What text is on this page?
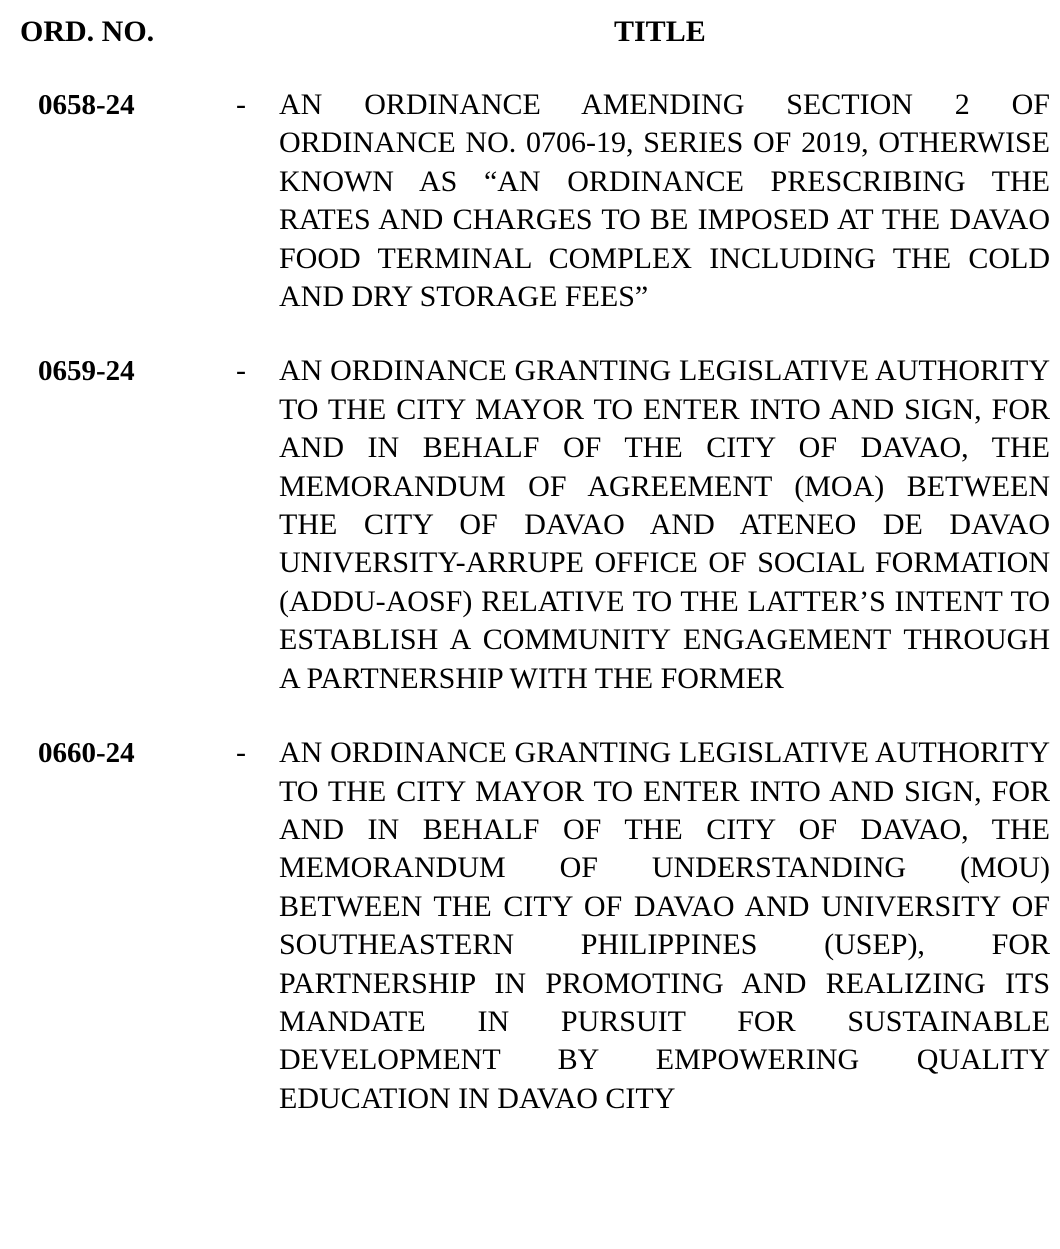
ORD. NO.	TITLE
0658-24	- AN ORDINANCE AMENDING SECTION 2 OF ORDINANCE NO. 0706-19, SERIES OF 2019, OTHERWISE KNOWN AS “AN ORDINANCE PRESCRIBING THE RATES AND CHARGES TO BE IMPOSED AT THE DAVAO FOOD TERMINAL COMPLEX INCLUDING THE COLD AND DRY STORAGE FEES”
0659-24	- AN ORDINANCE GRANTING LEGISLATIVE AUTHORITY TO THE CITY MAYOR TO ENTER INTO AND SIGN, FOR AND IN BEHALF OF THE CITY OF DAVAO, THE MEMORANDUM OF AGREEMENT (MOA) BETWEEN THE CITY OF DAVAO AND ATENEO DE DAVAO UNIVERSITY-ARRUPE OFFICE OF SOCIAL FORMATION (ADDU-AOSF) RELATIVE TO THE LATTER’S INTENT TO ESTABLISH A COMMUNITY ENGAGEMENT THROUGH A PARTNERSHIP WITH THE FORMER
0660-24	- AN ORDINANCE GRANTING LEGISLATIVE AUTHORITY TO THE CITY MAYOR TO ENTER INTO AND SIGN, FOR AND IN BEHALF OF THE CITY OF DAVAO, THE MEMORANDUM OF UNDERSTANDING (MOU) BETWEEN THE CITY OF DAVAO AND UNIVERSITY OF SOUTHEASTERN PHILIPPINES (USEP), FOR PARTNERSHIP IN PROMOTING AND REALIZING ITS MANDATE IN PURSUIT FOR SUSTAINABLE DEVELOPMENT BY EMPOWERING QUALITY EDUCATION IN DAVAO CITY
